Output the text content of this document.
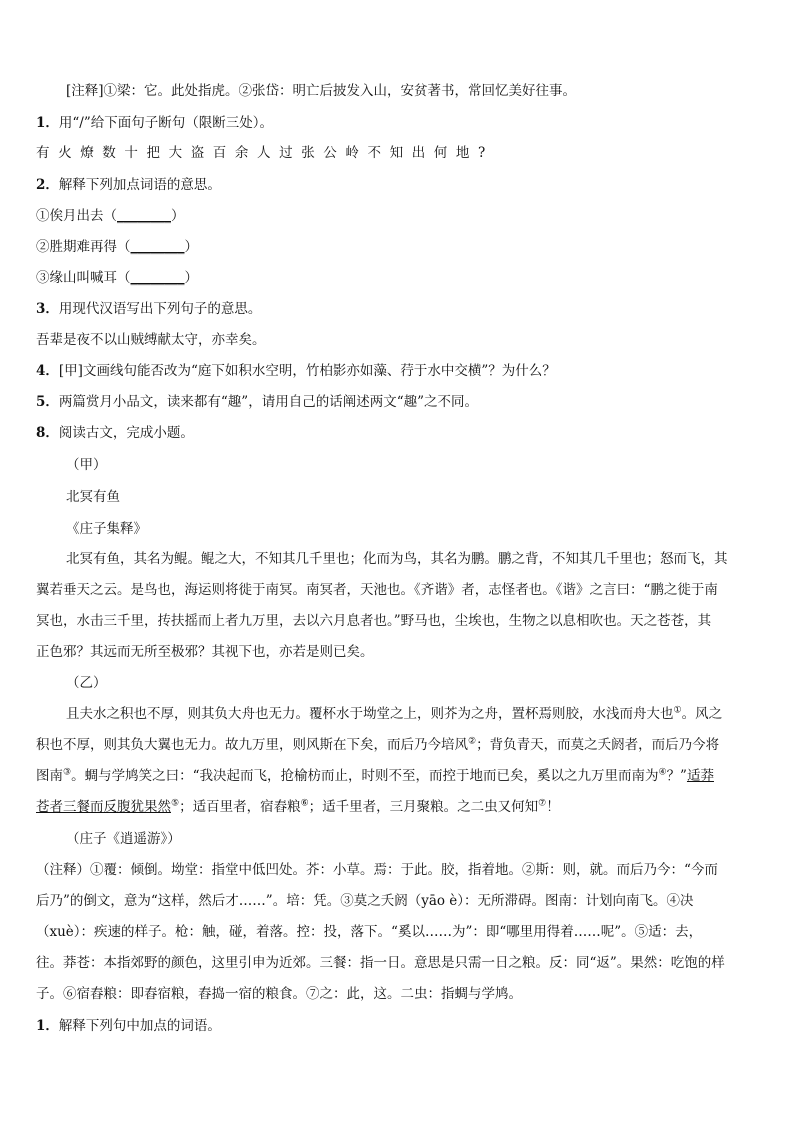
[注释]①梁：它。此处指虎。②张岱：明亡后披发入山，安贫著书，常回忆美好往事。
1．用“/”给下面句子断句（限断三处）。
有火燎数十把大盗百余人过张公岭不知出何地?
2．解释下列加点词语的意思。
①俟月出去（________）
②胜期难再得（________）
③缘山叫喊耳（________）
3．用现代汉语写出下列句子的意思。
吾辈是夜不以山贼缚献太守，亦幸矣。
4．[甲]文画线句能否改为“庭下如积水空明，竹柏影亦如藻、荇于水中交横”？为什么？
5．两篇赏月小品文，读来都有“趣”，请用自己的话阐述两文“趣”之不同。
8．阅读古文，完成小题。
（甲）
北冥有鱼
《庄子集释》
北冥有鱼，其名为鲲。鲲之大，不知其几千里也；化而为鸟，其名为鹏。鹏之背，不知其几千里也；怒而飞，其
翼若垂天之云。是鸟也，海运则将徙于南冥。南冥者，天池也。《齐谐》者，志怪者也。《谐》之言曰：“鹏之徙于南
冥也，水击三千里，抟扶摇而上者九万里，去以六月息者也。”野马也，尘埃也，生物之以息相吹也。天之苍苍，其
正色邪？其远而无所至极邪？其视下也，亦若是则已矣。
（乙）
且夫水之积也不厚，则其负大舟也无力。覆杯水于坳堂之上，则芥为之舟，置杯焉则胶，水浅而舟大也①。风之
积也不厚，则其负大翼也无力。故九万里，则风斯在下矣，而后乃今培风②；背负青天，而莫之夭阏者，而后乃今将
图南③。蜩与学鸠笑之曰：“我决起而飞，抢榆枋而止，时则不至，而控于地而已矣，奚以之九万里而南为④？”适莽
苍者三餐而反腹犹果然⑤；适百里者，宿舂粮⑥；适千里者，三月聚粮。之二虫又何知⑦！
（庄子《逍遥游》）
（注释）①覆：倾倒。坳堂：指堂中低凹处。芥：小草。焉：于此。胶，指着地。②斯：则，就。而后乃今：“今而
后乃”的倒文，意为“这样，然后才……”。培：凭。③莫之夭阏（yāo è）：无所滞碍。图南：计划向南飞。④决
（xuè）：疾速的样子。枪：触，碰，着落。控：投，落下。“奚以……为”：即“哪里用得着……呢”。⑤适：去，
往。莽苍：本指郊野的颜色，这里引申为近郊。三餐：指一日。意思是只需一日之粮。反：同“返”。果然：吃饱的样
子。⑥宿舂粮：即舂宿粮，舂捣一宿的粮食。⑦之：此，这。二虫：指蜩与学鸠。
1．解释下列句中加点的词语。
